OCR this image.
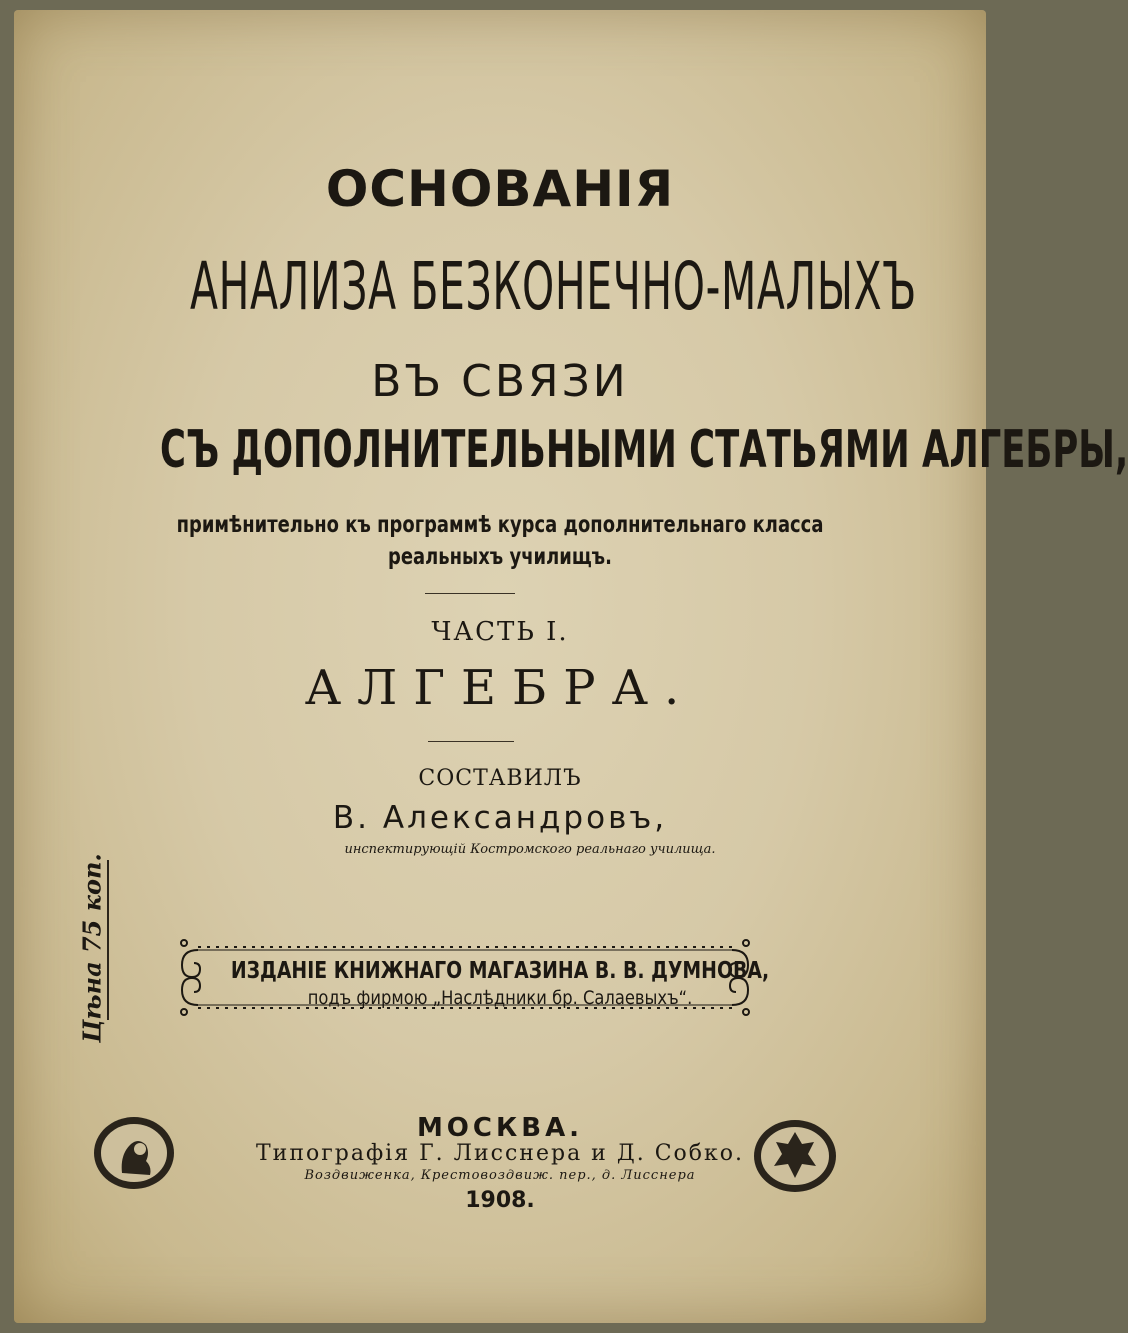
ОСНОВАНІЯ

АНАЛИЗА БЕЗКОНЕЧНО-МАЛЫХЪ

ВЪ СВЯЗИ

СЪ ДОПОЛНИТЕЛЬНЫМИ СТАТЬЯМИ АЛГЕБРЫ,

примѣнительно къ программѣ курса дополнительнаго класса

реальныхъ училищъ.

ЧАСТЬ I.

АЛГЕБРА.

СОСТАВИЛЪ

В. Александровъ,

инспектирующій Костромского реальнаго училища.

Цѣна 75 коп.	ИЗДАНІЕ КНИЖНАГО МАГАЗИНА В. В. ДУМНОВА,

подъ фирмою „Наслѣдники бр. Салаевыхъ“.

МОСКВА.

Типографія Г. Лисснера и Д. Собко.

Воздвиженка, Крестовоздвиж. пер., д. Лисснера

1908.
